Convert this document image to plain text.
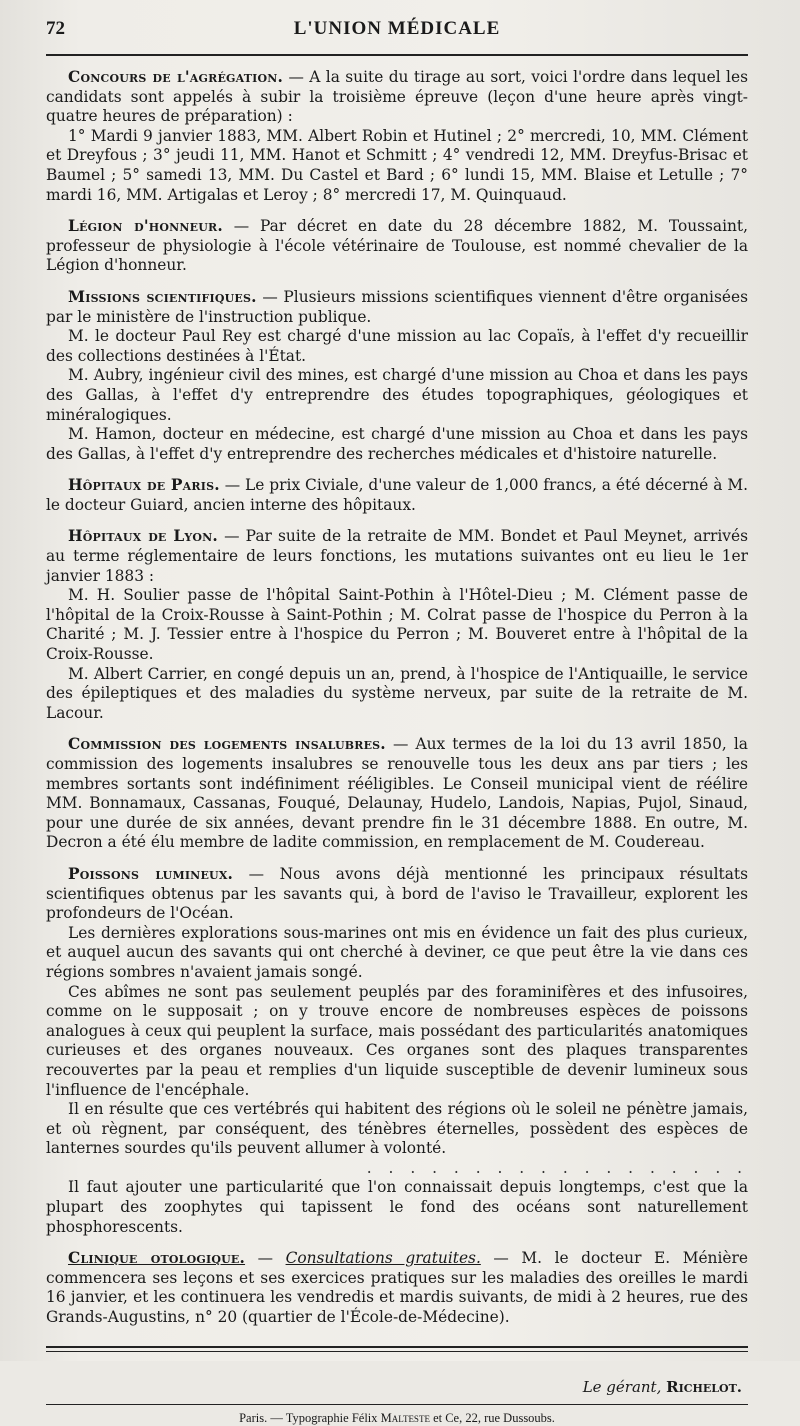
72	L'UNION MÉDICALE

Concours de l'agrégation. — A la suite du tirage au sort, voici l'ordre dans lequel les candidats sont appelés à subir la troisième épreuve (leçon d'une heure après vingt-quatre heures de préparation) :

1° Mardi 9 janvier 1883, MM. Albert Robin et Hutinel ; 2° mercredi, 10, MM. Clément et Dreyfous ; 3° jeudi 11, MM. Hanot et Schmitt ; 4° vendredi 12, MM. Dreyfus-Brisac et Baumel ; 5° samedi 13, MM. Du Castel et Bard ; 6° lundi 15, MM. Blaise et Letulle ; 7° mardi 16, MM. Artigalas et Leroy ; 8° mercredi 17, M. Quinquaud.

Légion d'honneur. — Par décret en date du 28 décembre 1882, M. Toussaint, professeur de physiologie à l'école vétérinaire de Toulouse, est nommé chevalier de la Légion d'honneur.

Missions scientifiques. — Plusieurs missions scientifiques viennent d'être organisées par le ministère de l'instruction publique.

M. le docteur Paul Rey est chargé d'une mission au lac Copaïs, à l'effet d'y recueillir des collections destinées à l'État.

M. Aubry, ingénieur civil des mines, est chargé d'une mission au Choa et dans les pays des Gallas, à l'effet d'y entreprendre des études topographiques, géologiques et minéralogiques.

M. Hamon, docteur en médecine, est chargé d'une mission au Choa et dans les pays des Gallas, à l'effet d'y entreprendre des recherches médicales et d'histoire naturelle.

Hôpitaux de Paris. — Le prix Civiale, d'une valeur de 1,000 francs, a été décerné à M. le docteur Guiard, ancien interne des hôpitaux.

Hôpitaux de Lyon. — Par suite de la retraite de MM. Bondet et Paul Meynet, arrivés au terme réglementaire de leurs fonctions, les mutations suivantes ont eu lieu le 1er janvier 1883 :

M. H. Soulier passe de l'hôpital Saint-Pothin à l'Hôtel-Dieu ; M. Clément passe de l'hôpital de la Croix-Rousse à Saint-Pothin ; M. Colrat passe de l'hospice du Perron à la Charité ; M. J. Tessier entre à l'hospice du Perron ; M. Bouveret entre à l'hôpital de la Croix-Rousse.

M. Albert Carrier, en congé depuis un an, prend, à l'hospice de l'Antiquaille, le service des épileptiques et des maladies du système nerveux, par suite de la retraite de M. Lacour.

Commission des logements insalubres. — Aux termes de la loi du 13 avril 1850, la commission des logements insalubres se renouvelle tous les deux ans par tiers ; les membres sortants sont indéfiniment rééligibles. Le Conseil municipal vient de réélire MM. Bonnamaux, Cassanas, Fouqué, Delaunay, Hudelo, Landois, Napias, Pujol, Sinaud, pour une durée de six années, devant prendre fin le 31 décembre 1888. En outre, M. Decron a été élu membre de ladite commission, en remplacement de M. Coudereau.

Poissons lumineux. — Nous avons déjà mentionné les principaux résultats scientifiques obtenus par les savants qui, à bord de l'aviso le Travailleur, explorent les profondeurs de l'Océan.

Les dernières explorations sous-marines ont mis en évidence un fait des plus curieux, et auquel aucun des savants qui ont cherché à deviner, ce que peut être la vie dans ces régions sombres n'avaient jamais songé.

Ces abîmes ne sont pas seulement peuplés par des foraminifères et des infusoires, comme on le supposait ; on y trouve encore de nombreuses espèces de poissons analogues à ceux qui peuplent la surface, mais possédant des particularités anatomiques curieuses et des organes nouveaux. Ces organes sont des plaques transparentes recouvertes par la peau et remplies d'un liquide susceptible de devenir lumineux sous l'influence de l'encéphale.

Il en résulte que ces vertébrés qui habitent des régions où le soleil ne pénètre jamais, et où règnent, par conséquent, des ténèbres éternelles, possèdent des espèces de lanternes sourdes qu'ils peuvent allumer à volonté.

. . . . . . . . . . . . . . . . . .

Il faut ajouter une particularité que l'on connaissait depuis longtemps, c'est que la plupart des zoophytes qui tapissent le fond des océans sont naturellement phosphorescents.

Clinique otologique. — Consultations gratuites. — M. le docteur E. Ménière commencera ses leçons et ses exercices pratiques sur les maladies des oreilles le mardi 16 janvier, et les continuera les vendredis et mardis suivants, de midi à 2 heures, rue des Grands-Augustins, n° 20 (quartier de l'École-de-Médecine).

Le gérant, Richelot.
Paris. — Typographie Félix Malteste et Ce, 22, rue Dussoubs.
